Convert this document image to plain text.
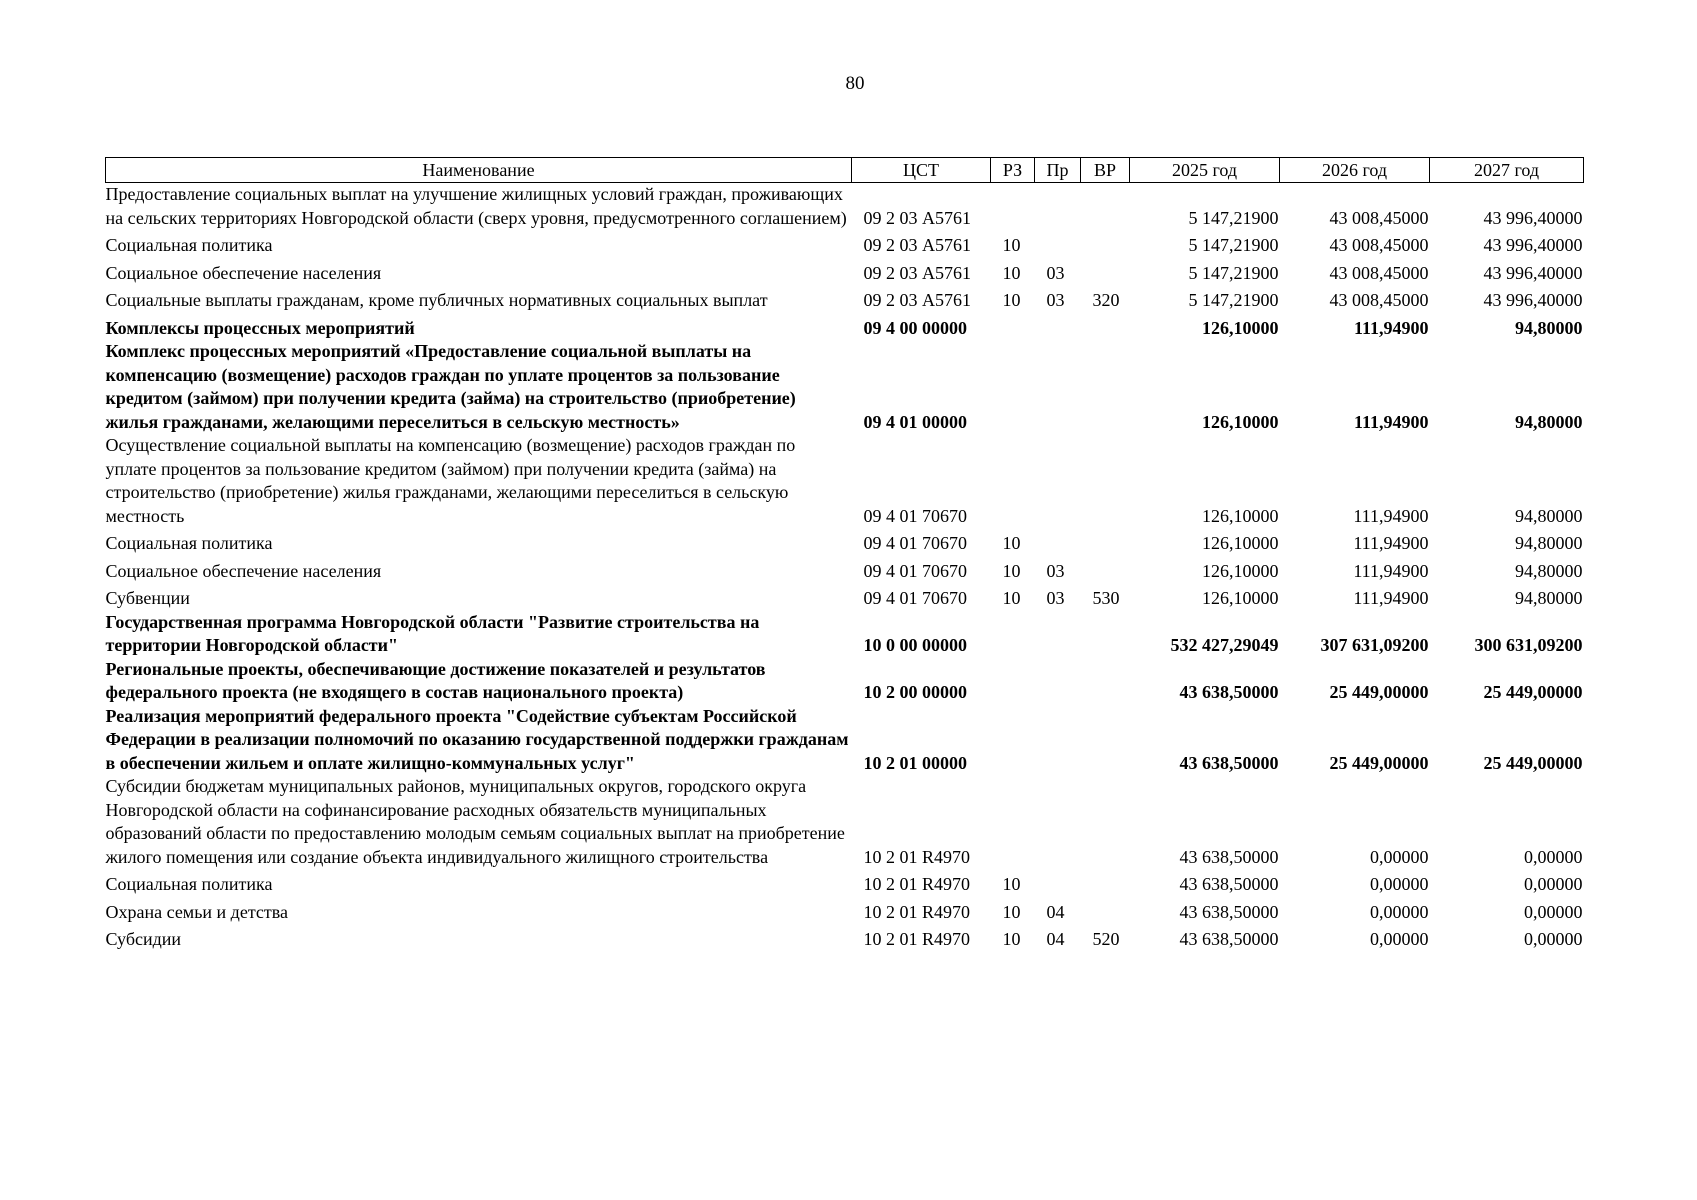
80
Наименование	ЦСТ	РЗ	Пр	ВР	2025 год	2026 год	2027 год
Предоставление социальных выплат на улучшение жилищных условий граждан, проживающих на сельских территориях Новгородской области (сверх уровня, предусмотренного соглашением)	09 2 03 А5761				5 147,21900	43 008,45000	43 996,40000
Социальная политика	09 2 03 А5761	10			5 147,21900	43 008,45000	43 996,40000
Социальное обеспечение населения	09 2 03 А5761	10	03		5 147,21900	43 008,45000	43 996,40000
Социальные выплаты гражданам, кроме публичных нормативных социальных выплат	09 2 03 А5761	10	03	320	5 147,21900	43 008,45000	43 996,40000
Комплексы процессных мероприятий	09 4 00 00000				126,10000	111,94900	94,80000
Комплекс процессных мероприятий «Предоставление социальной выплаты на компенсацию (возмещение) расходов граждан по уплате процентов за пользование кредитом (займом) при получении кредита (займа) на строительство (приобретение) жилья гражданами, желающими переселиться в сельскую местность»	09 4 01 00000				126,10000	111,94900	94,80000
Осуществление социальной выплаты на компенсацию (возмещение) расходов граждан по уплате процентов за пользование кредитом (займом) при получении кредита (займа) на строительство (приобретение) жилья гражданами, желающими переселиться в сельскую местность	09 4 01 70670				126,10000	111,94900	94,80000
Социальная политика	09 4 01 70670	10			126,10000	111,94900	94,80000
Социальное обеспечение населения	09 4 01 70670	10	03		126,10000	111,94900	94,80000
Субвенции	09 4 01 70670	10	03	530	126,10000	111,94900	94,80000
Государственная программа Новгородской области "Развитие строительства на территории Новгородской области"	10 0 00 00000				532 427,29049	307 631,09200	300 631,09200
Региональные проекты, обеспечивающие достижение показателей и результатов федерального проекта (не входящего в состав национального проекта)	10 2 00 00000				43 638,50000	25 449,00000	25 449,00000
Реализация мероприятий федерального проекта "Содействие субъектам Российской Федерации в реализации полномочий по оказанию государственной поддержки гражданам в обеспечении жильем и оплате жилищно-коммунальных услуг"	10 2 01 00000				43 638,50000	25 449,00000	25 449,00000
Субсидии бюджетам муниципальных районов, муниципальных округов, городского округа Новгородской области на софинансирование расходных обязательств муниципальных образований области по предоставлению молодым семьям социальных выплат на приобретение жилого помещения или создание объекта индивидуального жилищного строительства	10 2 01 R4970				43 638,50000	0,00000	0,00000
Социальная политика	10 2 01 R4970	10			43 638,50000	0,00000	0,00000
Охрана семьи и детства	10 2 01 R4970	10	04		43 638,50000	0,00000	0,00000
Субсидии	10 2 01 R4970	10	04	520	43 638,50000	0,00000	0,00000
